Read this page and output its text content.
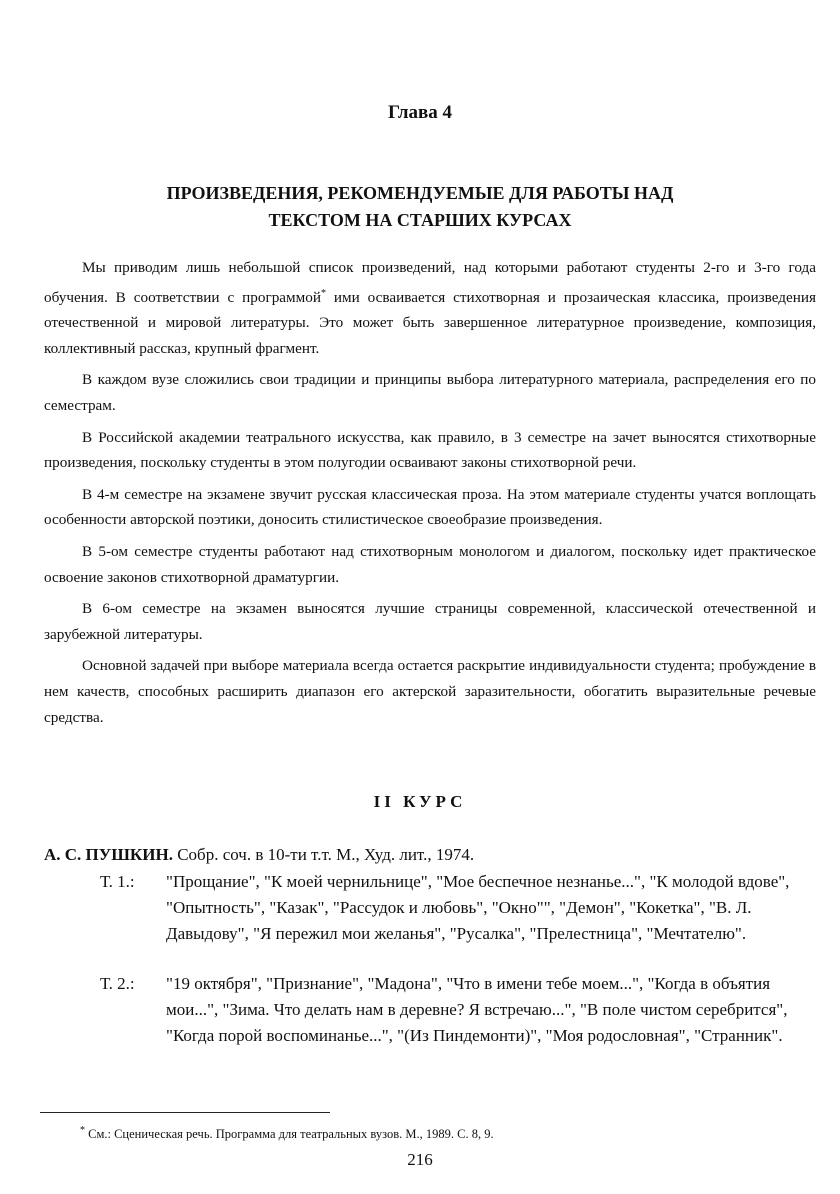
Глава 4
ПРОИЗВЕДЕНИЯ, РЕКОМЕНДУЕМЫЕ ДЛЯ РАБОТЫ НАД
ТЕКСТОМ НА СТАРШИХ КУРСАХ

Мы приводим лишь небольшой список произведений, над которыми работают студенты 2-го и 3-го года обучения. В соответствии с программой* ими осваивается стихотворная и прозаическая классика, произведения отечественной и мировой литературы. Это может быть завершенное литературное произведение, композиция, коллективный рассказ, крупный фрагмент.

В каждом вузе сложились свои традиции и принципы выбора литературного материала, распределения его по семестрам.

В Российской академии театрального искусства, как правило, в 3 семестре на зачет выносятся стихотворные произведения, поскольку студенты в этом полугодии осваивают законы стихотворной речи.

В 4-м семестре на экзамене звучит русская классическая проза. На этом материале студенты учатся воплощать особенности авторской поэтики, доносить стилистическое своеобразие произведения.

В 5-ом семестре студенты работают над стихотворным монологом и диалогом, поскольку идет практическое освоение законов стихотворной драматургии.

В 6-ом семестре на экзамен выносятся лучшие страницы современной, классической отечественной и зарубежной литературы.

Основной задачей при выборе материала всегда остается раскрытие индивидуальности студента; пробуждение в нем качеств, способных расширить диапазон его актерской заразительности, обогатить выразительные речевые средства.

II КУРС
А. С. ПУШКИН. Собр. соч. в 10-ти т.т. М., Худ. лит., 1974.
Т. 1.:	"Прощание", "К моей чернильнице", "Мое беспечное незнанье...", "К молодой вдове", "Опытность", "Казак", "Рассудок и любовь", "Окно"", "Демон", "Кокетка", "В. Л. Давыдову", "Я пережил мои желанья", "Русалка", "Прелестница", "Мечтателю".
Т. 2.:	"19 октября", "Признание", "Мадона", "Что в имени тебе моем...", "Когда в объятия мои...", "Зима. Что делать нам в деревне? Я встречаю...", "В поле чистом серебрится", "Когда порой воспоминанье...", "(Из Пиндемонти)", "Моя родословная", "Странник".
* См.: Сценическая речь. Программа для театральных вузов. М., 1989. С. 8, 9.
216
